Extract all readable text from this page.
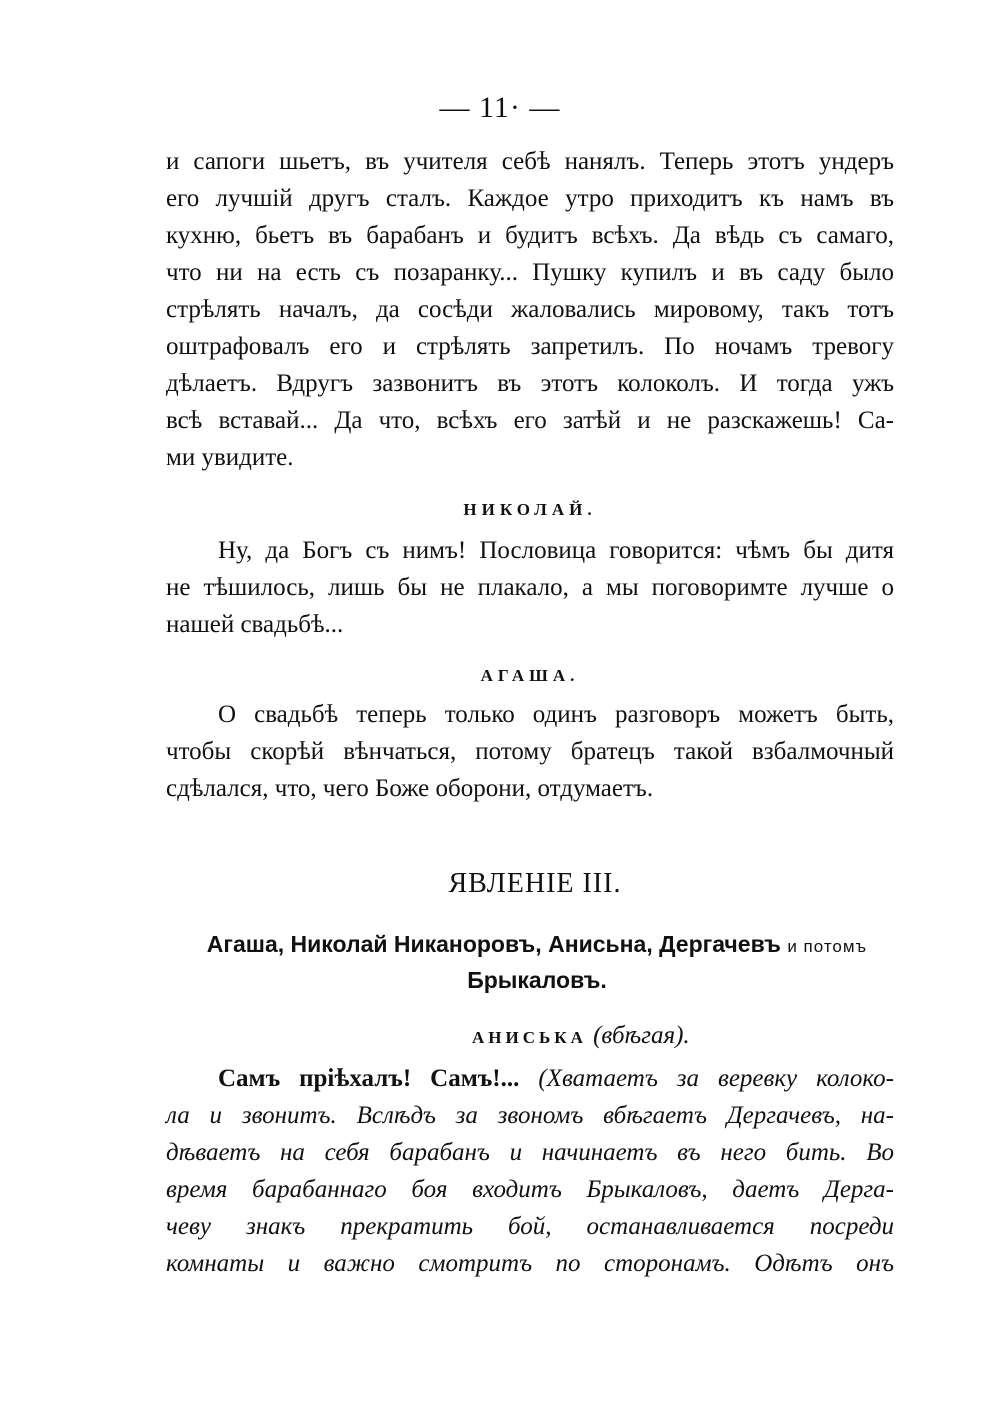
— 11· —
и сапоги шьетъ, въ учителя себѣ нанялъ. Теперь этотъ ундеръ
его лучшій другъ сталъ. Каждое утро приходитъ къ намъ въ
кухню, бьетъ въ барабанъ и будитъ всѣхъ. Да вѣдь съ самаго,
что ни на есть съ позаранку... Пушку купилъ и въ саду было
стрѣлять началъ, да сосѣди жаловались мировому, такъ тотъ
оштрафовалъ его и стрѣлять запретилъ. По ночамъ тревогу
дѣлаетъ. Вдругъ зазвонитъ въ этотъ колоколъ. И тогда ужъ
всѣ вставай... Да что, всѣхъ его затѣй и не разскажешь! Са-
ми увидите.
НИКОЛАЙ.
Ну, да Богъ съ нимъ! Пословица говорится: чѣмъ бы дитя
не тѣшилось, лишь бы не плакало, а мы поговоримте лучше о
нашей свадьбѣ...
АГАША.
О свадьбѣ теперь только одинъ разговоръ можетъ быть,
чтобы скорѣй вѣнчаться, потому братецъ такой взбалмочный
сдѣлался, что, чего Боже оборони, отдумаетъ.
ЯВЛЕНІЕ III.
Агаша, Николай Никаноровъ, Анисьна, Дергачевъ и потомъ
Брыкаловъ.
АНИСЬКА (вбѣгая).
Самъ пріѣхалъ! Самъ!... (Хватаетъ за веревку колоко-
ла и звонитъ. Вслѣдъ за звономъ вбѣгаетъ Дергачевъ, на-
дѣваетъ на себя барабанъ и начинаетъ въ него бить. Во
время барабаннаго боя входитъ Брыкаловъ, даетъ Дерга-
чеву знакъ прекратить бой, останавливается посреди
комнаты и важно смотритъ по сторонамъ. Одѣтъ онъ
